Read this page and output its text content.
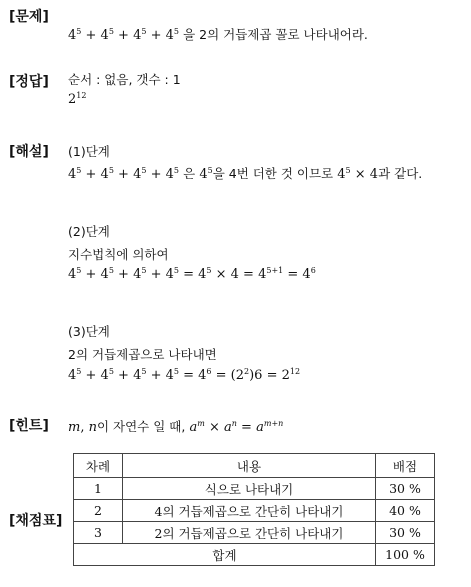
[문제]
$4^5 + 4^5 + 4^5 + 4^5$ 을 2의 거듭제곱 꼴로 나타내어라.
[정답] 순서 : 없음, 갯수 : 1
$2^{12}$
[해설] (1)단계
$4^5 + 4^5 + 4^5 + 4^5$ 은 $4^5$을 4번 더한 것 이므로 $4^5 \times 4$과 같다.
(2)단계
지수법칙에 의하여
$4^5 + 4^5 + 4^5 + 4^5 = 4^5 \times 4 = 4^{5+1} = 4^6$
(3)단계
2의 거듭제곱으로 나타내면
$4^5 + 4^5 + 4^5 + 4^5 = 4^6 = (2^2)6 = 2^{12}$
[힌트] m, n이 자연수 일 때, $a^m \times a^n = a^{m+n}$
[채점표]
차례	내용	배점
1	식으로 나타내기	30 %
2	4의 거듭제곱으로 간단히 나타내기	40 %
3	2의 거듭제곱으로 간단히 나타내기	30 %
합계		100 %
